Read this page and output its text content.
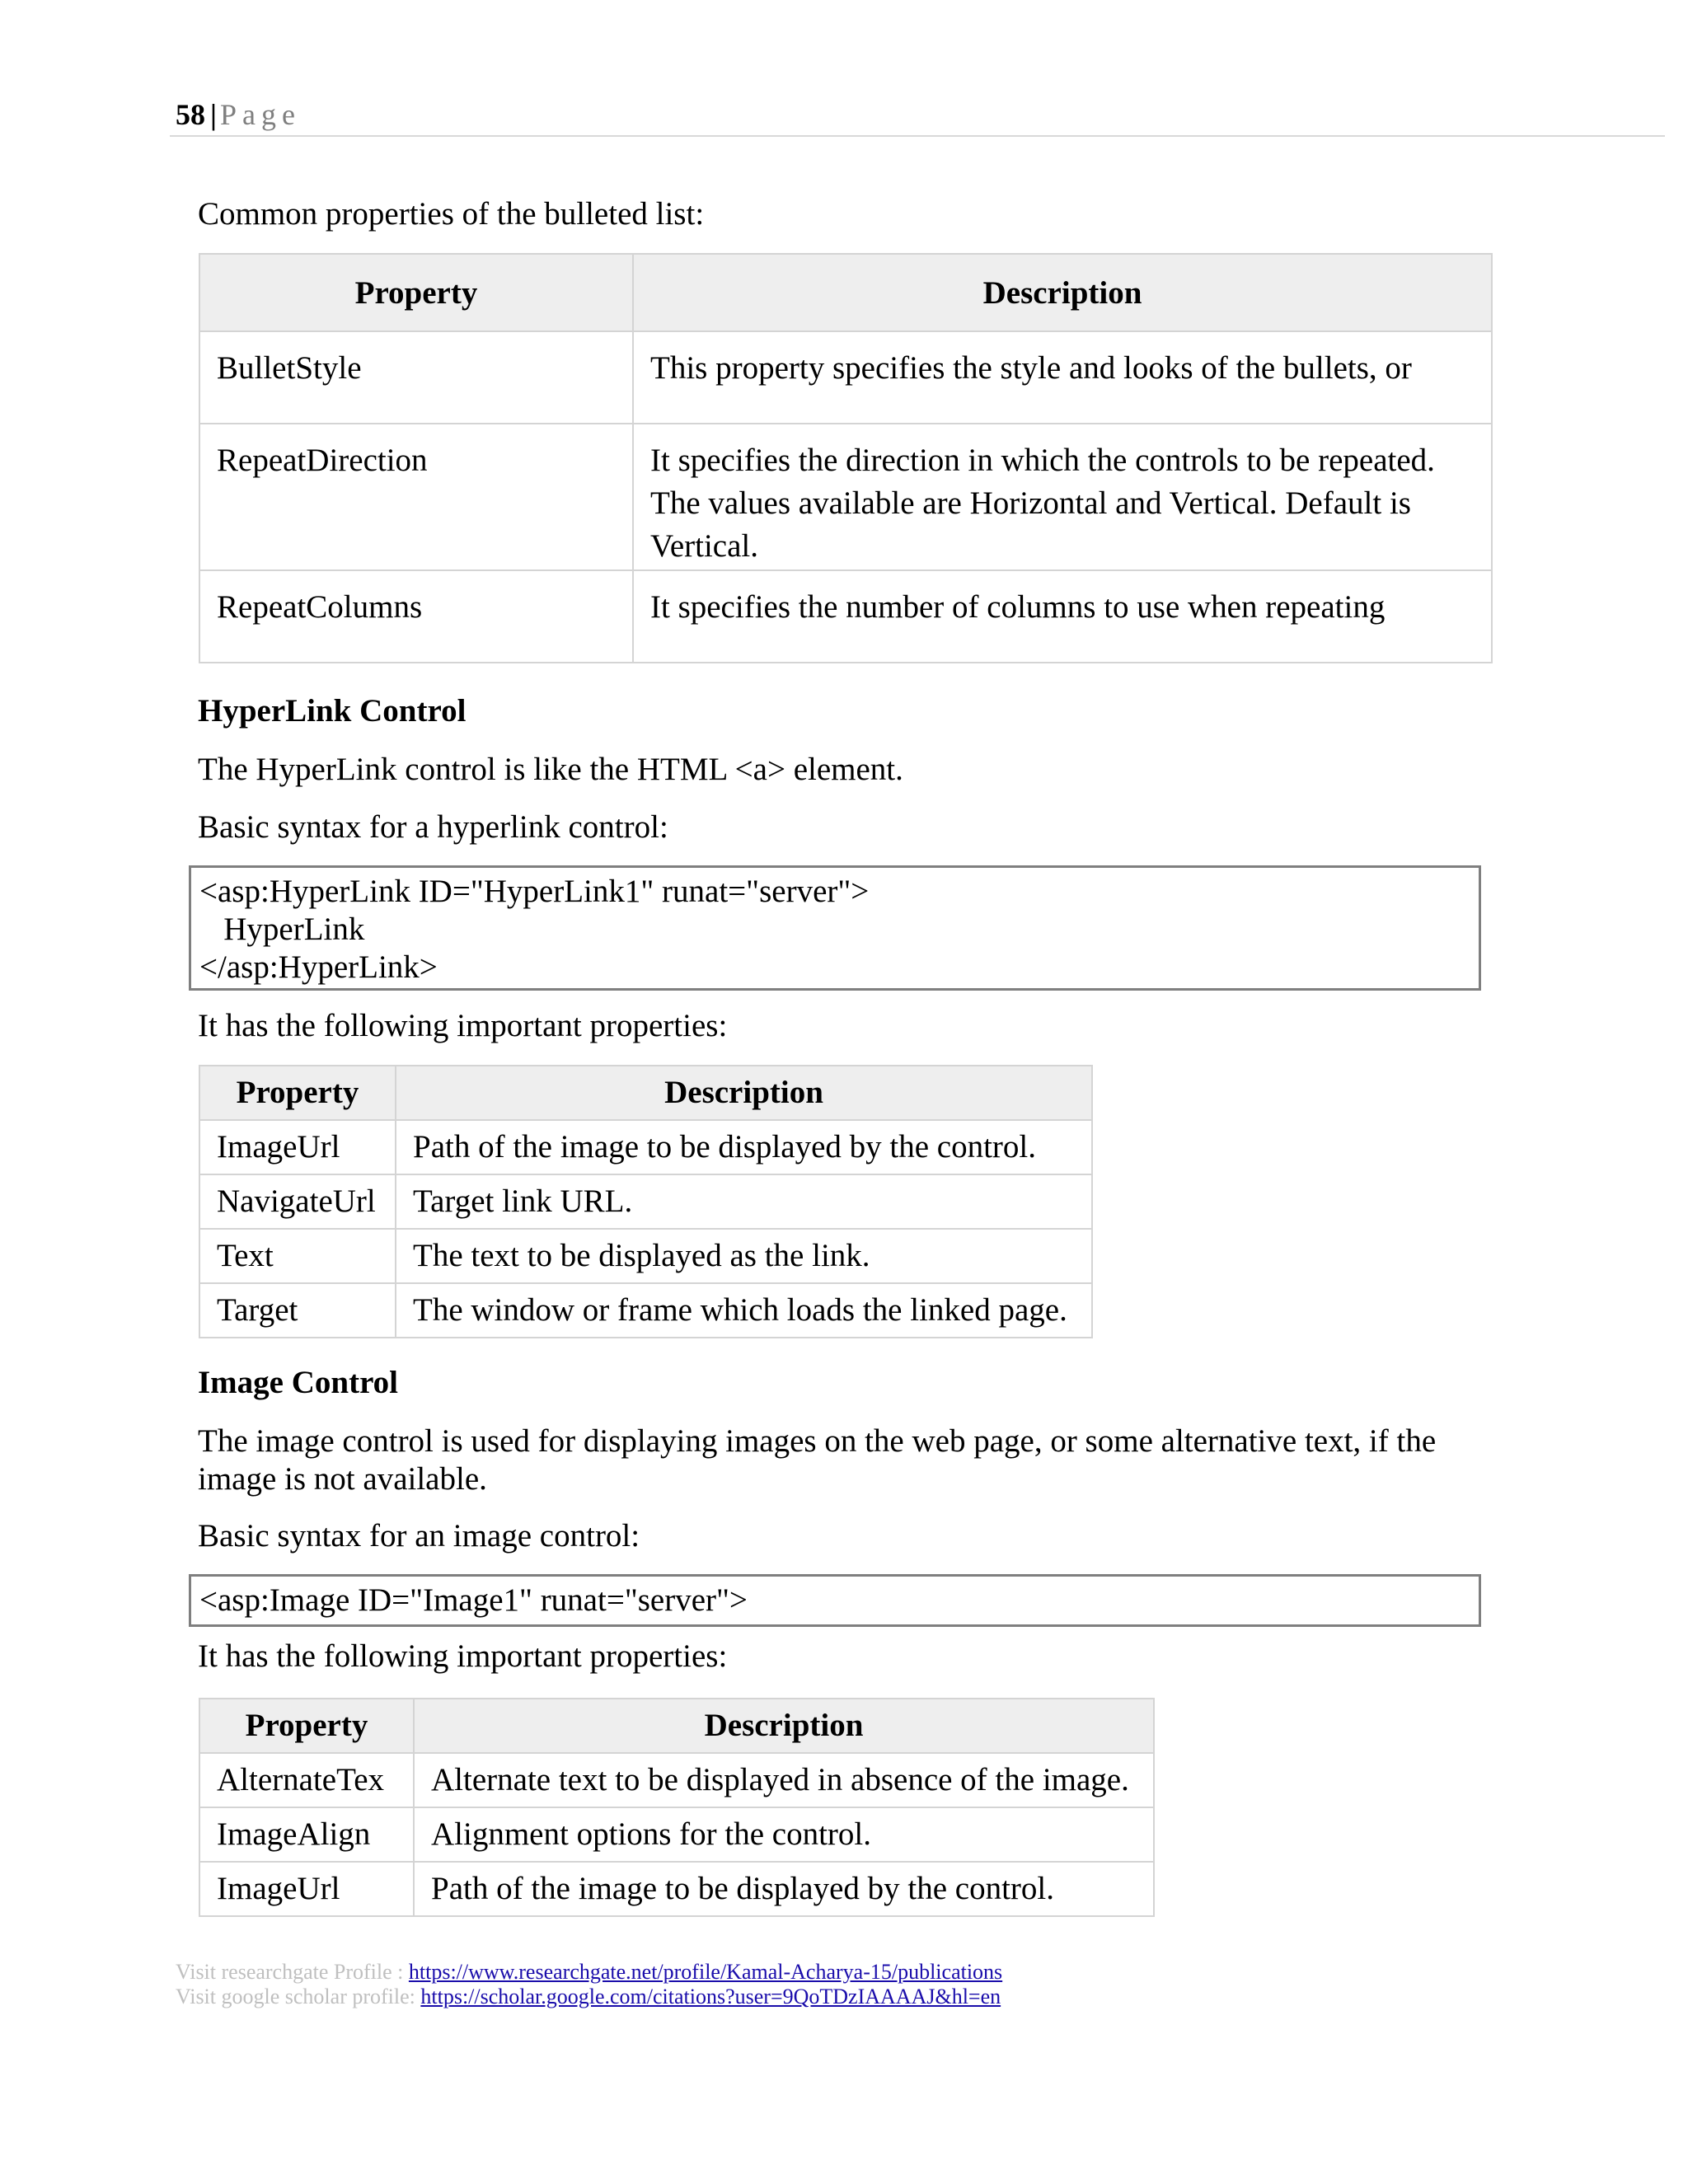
58 | Page

Common properties of the bulleted list:

Property	Description
BulletStyle	This property specifies the style and looks of the bullets, or
RepeatDirection	It specifies the direction in which the controls to be repeated. The values available are Horizontal and Vertical. Default is Vertical.
RepeatColumns	It specifies the number of columns to use when repeating

HyperLink Control

The HyperLink control is like the HTML <a> element.

Basic syntax for a hyperlink control:

<asp:HyperLink ID="HyperLink1" runat="server">
HyperLink
</asp:HyperLink>

It has the following important properties:

Property	Description
ImageUrl	Path of the image to be displayed by the control.
NavigateUrl	Target link URL.
Text	The text to be displayed as the link.
Target	The window or frame which loads the linked page.

Image Control

The image control is used for displaying images on the web page, or some alternative text, if the image is not available.

Basic syntax for an image control:

<asp:Image ID="Image1" runat="server">

It has the following important properties:

Property	Description
AlternateTex	Alternate text to be displayed in absence of the image.
ImageAlign	Alignment options for the control.
ImageUrl	Path of the image to be displayed by the control.
Visit researchgate Profile : https://www.researchgate.net/profile/Kamal-Acharya-15/publications
Visit google scholar profile: https://scholar.google.com/citations?user=9QoTDzIAAAAJ&hl=en
